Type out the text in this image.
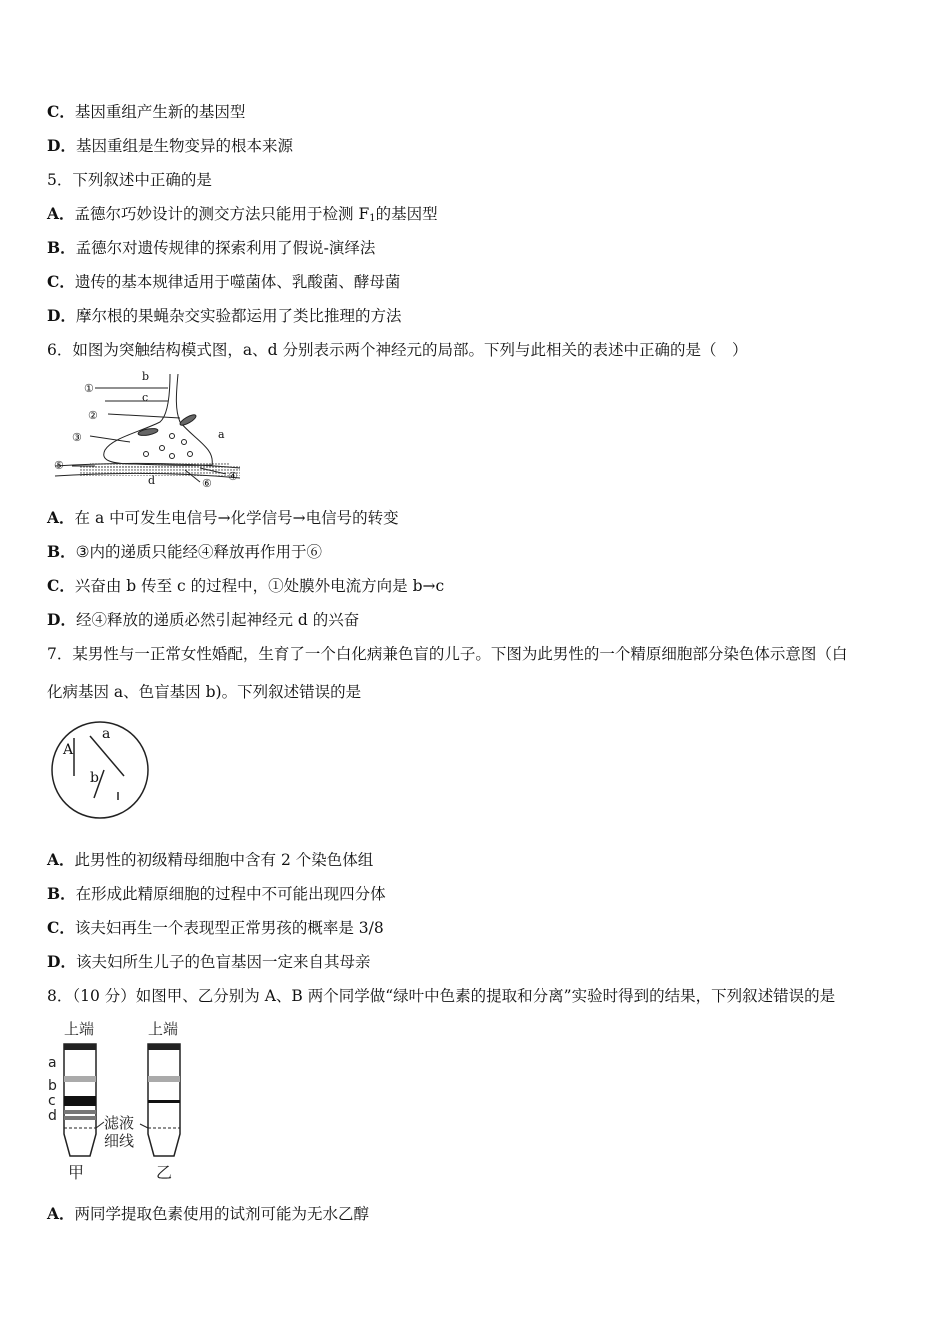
C．基因重组产生新的基因型
D．基因重组是生物变异的根本来源
5．下列叙述中正确的是
A．孟德尔巧妙设计的测交方法只能用于检测 $F_1$的基因型
B．孟德尔对遗传规律的探索利用了假说-演绎法
C．遗传的基本规律适用于噬菌体、乳酸菌、酵母菌
D．摩尔根的果蝇杂交实验都运用了类比推理的方法
6．如图为突触结构模式图，a、d 分别表示两个神经元的局部。下列与此相关的表述中正确的是（　）
①
②
③
④
⑤
⑥
a
b
c
d
A．在 a 中可发生电信号→化学信号→电信号的转变
B．③内的递质只能经④释放再作用于⑥
C．兴奋由 b 传至 c 的过程中，①处膜外电流方向是 b→c
D．经④释放的递质必然引起神经元 d 的兴奋
7．某男性与一正常女性婚配，生育了一个白化病兼色盲的儿子。下图为此男性的一个精原细胞部分染色体示意图（白
化病基因 a、色盲基因 b)。下列叙述错误的是
A
a
b
A．此男性的初级精母细胞中含有 2 个染色体组
B．在形成此精原细胞的过程中不可能出现四分体
C．该夫妇再生一个表现型正常男孩的概率是 3/8
D．该夫妇所生儿子的色盲基因一定来自其母亲
8．（10 分）如图甲、乙分别为 A、B 两个同学做“绿叶中色素的提取和分离”实验时得到的结果，下列叙述错误的是
上端	上端
a
b
c
d	滤液
细线
甲	乙
A．两同学提取色素使用的试剂可能为无水乙醇
